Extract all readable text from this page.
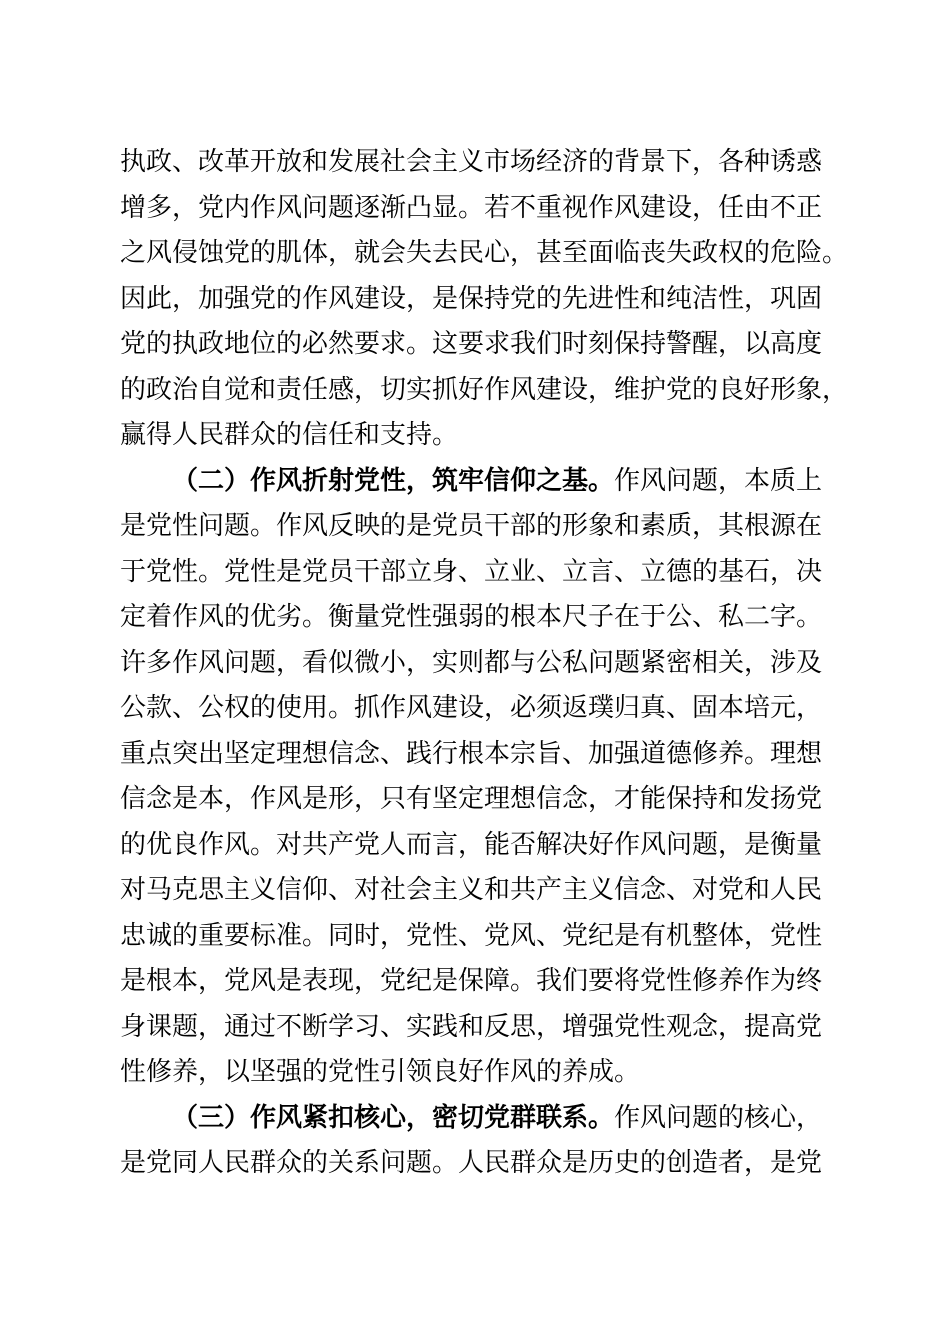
执政、改革开放和发展社会主义市场经济的背景下，各种诱惑
增多，党内作风问题逐渐凸显。若不重视作风建设，任由不正
之风侵蚀党的肌体，就会失去民心，甚至面临丧失政权的危险。
因此，加强党的作风建设，是保持党的先进性和纯洁性，巩固
党的执政地位的必然要求。这要求我们时刻保持警醒，以高度
的政治自觉和责任感，切实抓好作风建设，维护党的良好形象，
赢得人民群众的信任和支持。
（二）作风折射党性，筑牢信仰之基。作风问题，本质上
是党性问题。作风反映的是党员干部的形象和素质，其根源在
于党性。党性是党员干部立身、立业、立言、立德的基石，决
定着作风的优劣。衡量党性强弱的根本尺子在于公、私二字。
许多作风问题，看似微小，实则都与公私问题紧密相关，涉及
公款、公权的使用。抓作风建设，必须返璞归真、固本培元，
重点突出坚定理想信念、践行根本宗旨、加强道德修养。理想
信念是本，作风是形，只有坚定理想信念，才能保持和发扬党
的优良作风。对共产党人而言，能否解决好作风问题，是衡量
对马克思主义信仰、对社会主义和共产主义信念、对党和人民
忠诚的重要标准。同时，党性、党风、党纪是有机整体，党性
是根本，党风是表现，党纪是保障。我们要将党性修养作为终
身课题，通过不断学习、实践和反思，增强党性观念，提高党
性修养，以坚强的党性引领良好作风的养成。
（三）作风紧扣核心，密切党群联系。作风问题的核心，
是党同人民群众的关系问题。人民群众是历史的创造者，是党
